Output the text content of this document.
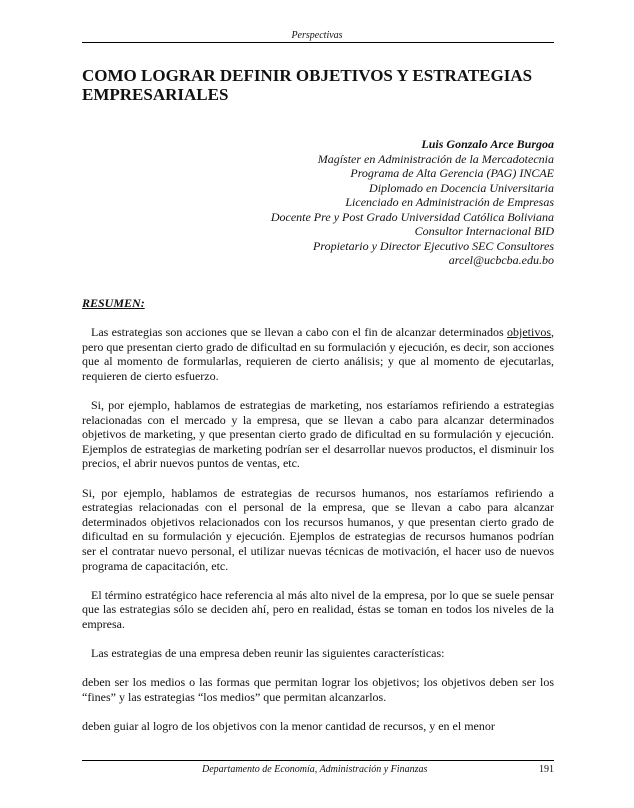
Perspectivas
COMO LOGRAR DEFINIR OBJETIVOS Y ESTRATEGIAS EMPRESARIALES
Luis Gonzalo Arce Burgoa
Magíster en Administración de la Mercadotecnia
Programa de Alta Gerencia (PAG) INCAE
Diplomado en Docencia Universitaria
Licenciado en Administración de Empresas
Docente Pre y Post Grado Universidad Católica Boliviana
Consultor Internacional BID
Propietario y Director Ejecutivo SEC Consultores
arcel@ucbcba.edu.bo
RESUMEN:

Las estrategias son acciones que se llevan a cabo con el fin de alcanzar determinados objetivos, pero que presentan cierto grado de dificultad en su formulación y ejecución, es decir, son acciones que al momento de formularlas, requieren de cierto análisis; y que al momento de ejecutarlas, requieren de cierto esfuerzo.

Si, por ejemplo, hablamos de estrategias de marketing, nos estaríamos refiriendo a estrategias relacionadas con el mercado y la empresa, que se llevan a cabo para alcanzar determinados objetivos de marketing, y que presentan cierto grado de dificultad en su formulación y ejecución. Ejemplos de estrategias de marketing podrían ser el desarrollar nuevos productos, el disminuir los precios, el abrir nuevos puntos de ventas, etc.

Si, por ejemplo, hablamos de estrategias de recursos humanos, nos estaríamos refiriendo a estrategias relacionadas con el personal de la empresa, que se llevan a cabo para alcanzar determinados objetivos relacionados con los recursos humanos, y que presentan cierto grado de dificultad en su formulación y ejecución. Ejemplos de estrategias de recursos humanos podrían ser el contratar nuevo personal, el utilizar nuevas técnicas de motivación, el hacer uso de nuevos programa de capacitación, etc.

El término estratégico hace referencia al más alto nivel de la empresa, por lo que se suele pensar que las estrategias sólo se deciden ahí, pero en realidad, éstas se toman en todos los niveles de la empresa.

Las estrategias de una empresa deben reunir las siguientes características:

deben ser los medios o las formas que permitan lograr los objetivos; los objetivos deben ser los “fines” y las estrategias “los medios” que permitan alcanzarlos.

deben guiar al logro de los objetivos con la menor cantidad de recursos, y en el menor

Departamento de Economía, Administración y Finanzas	191
